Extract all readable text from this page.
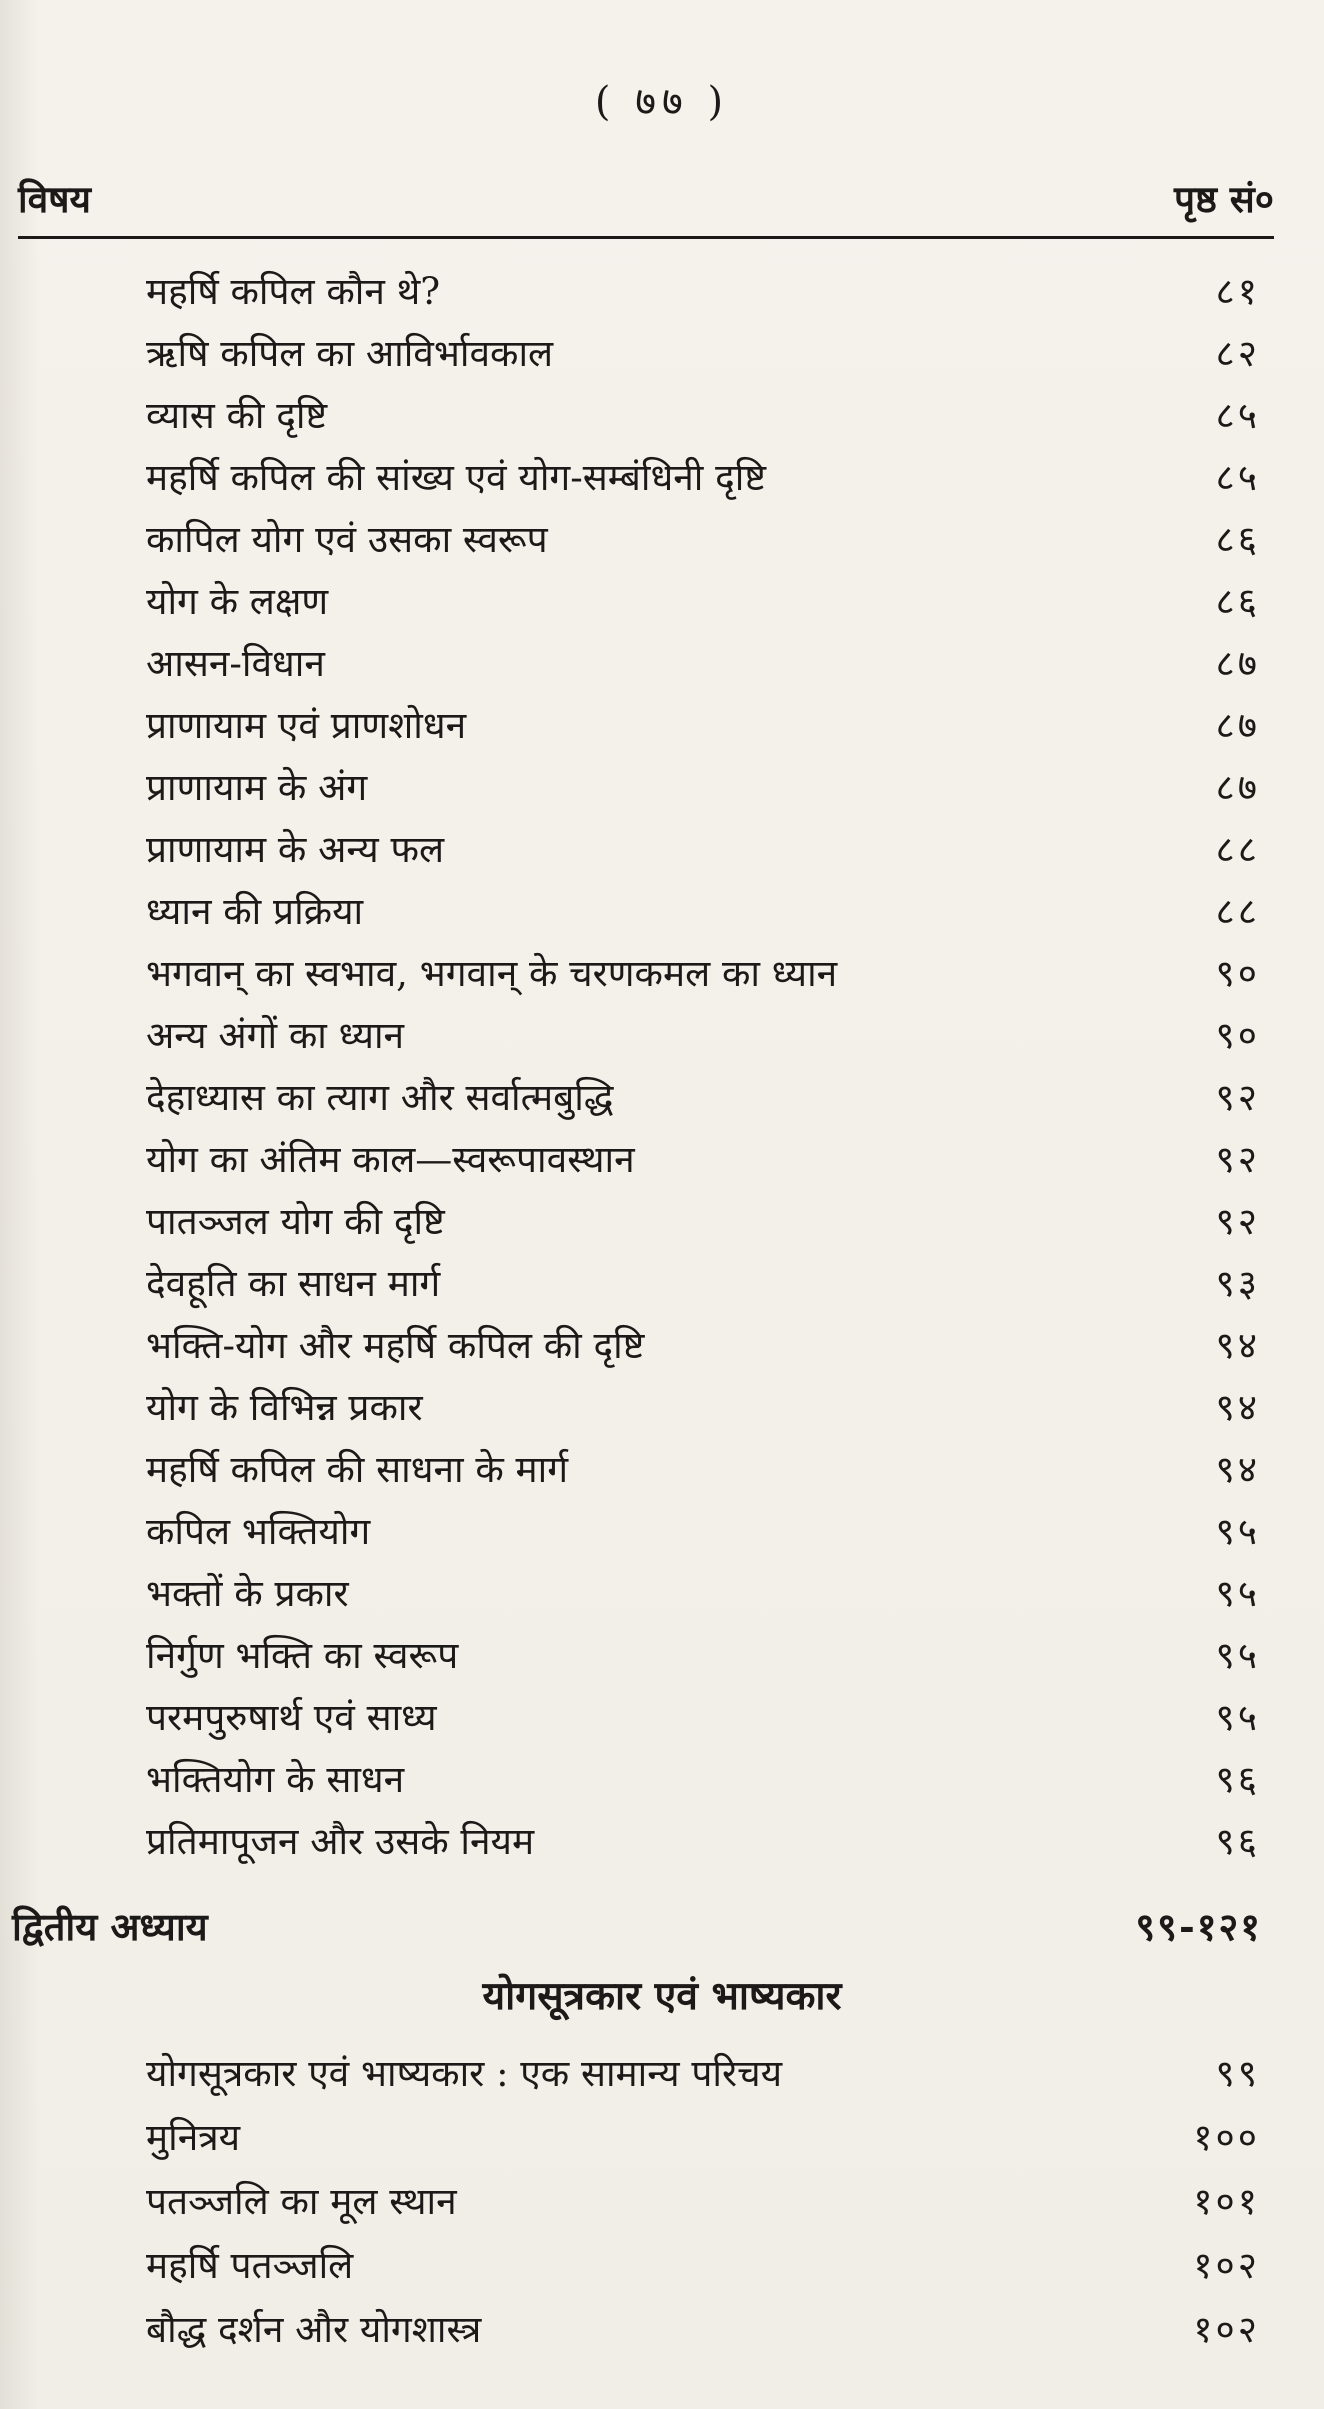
( ७७ )
विषय	पृष्ठ सं०
महर्षि कपिल कौन थे?	८१
ऋषि कपिल का आविर्भावकाल	८२
व्यास की दृष्टि	८५
महर्षि कपिल की सांख्य एवं योग-सम्बंधिनी दृष्टि	८५
कापिल योग एवं उसका स्वरूप	८६
योग के लक्षण	८६
आसन-विधान	८७
प्राणायाम एवं प्राणशोधन	८७
प्राणायाम के अंग	८७
प्राणायाम के अन्य फल	८८
ध्यान की प्रक्रिया	८८
भगवान् का स्वभाव, भगवान् के चरणकमल का ध्यान	९०
अन्य अंगों का ध्यान	९०
देहाध्यास का त्याग और सर्वात्मबुद्धि	९२
योग का अंतिम काल—स्वरूपावस्थान	९२
पातञ्जल योग की दृष्टि	९२
देवहूति का साधन मार्ग	९३
भक्ति-योग और महर्षि कपिल की दृष्टि	९४
योग के विभिन्न प्रकार	९४
महर्षि कपिल की साधना के मार्ग	९४
कपिल भक्तियोग	९५
भक्तों के प्रकार	९५
निर्गुण भक्ति का स्वरूप	९५
परमपुरुषार्थ एवं साध्य	९५
भक्तियोग के साधन	९६
प्रतिमापूजन और उसके नियम	९६
द्वितीय अध्याय	९९-१२१
योगसूत्रकार एवं भाष्यकार
योगसूत्रकार एवं भाष्यकार : एक सामान्य परिचय	९९
मुनित्रय	१००
पतञ्जलि का मूल स्थान	१०१
महर्षि पतञ्जलि	१०२
बौद्ध दर्शन और योगशास्त्र	१०२
